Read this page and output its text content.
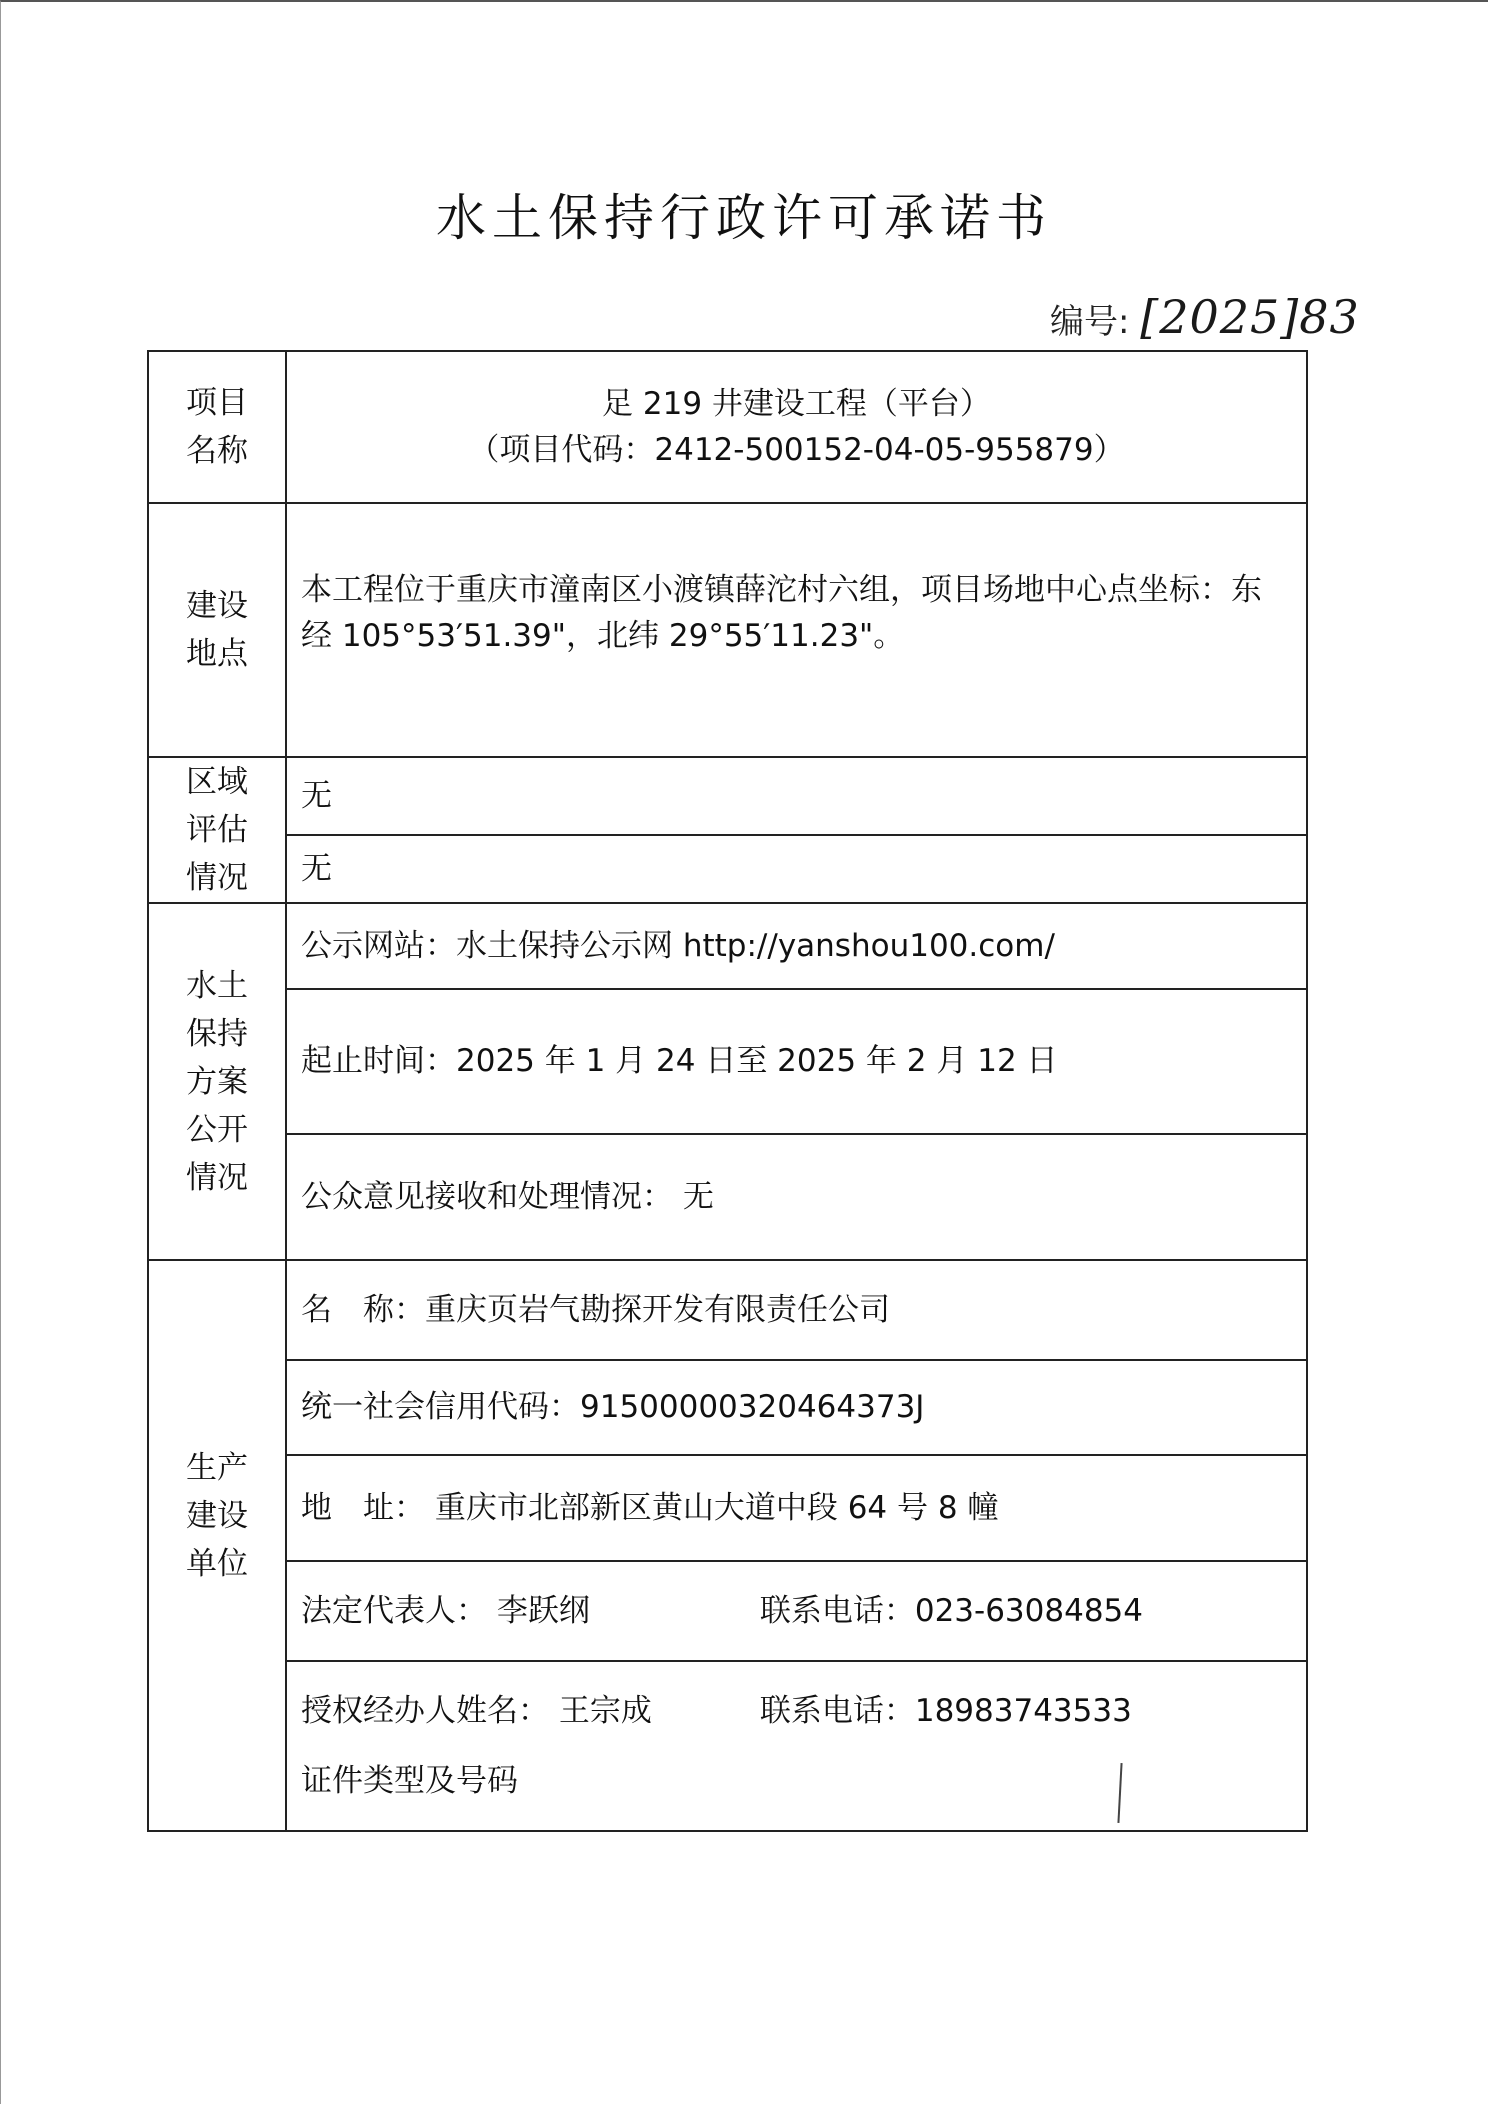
水土保持行政许可承诺书
编号: [2025]83
项目名称	足 219 井建设工程（平台）
（项目代码：2412-500152-04-05-955879）

建设地点	本工程位于重庆市潼南区小渡镇薛沱村六组，项目场地中心点坐标：东经 105°53′51.39"，北纬 29°55′11.23"。
区域评估情况	无
	无
水土保持方案公开情况	公示网站：水土保持公示网 http://yanshou100.com/
	起止时间：2025 年 1 月 24 日至 2025 年 2 月 12 日
	公众意见接收和处理情况： 无
生产建设单位	名　称：重庆页岩气勘探开发有限责任公司
	统一社会信用代码：91500000320464373J
	地　址： 重庆市北部新区黄山大道中段 64 号 8 幢
	法定代表人： 李跃纲 联系电话：023-63084854

	授权经办人姓名： 王宗成 联系电话：18983743533
证件类型及号码
